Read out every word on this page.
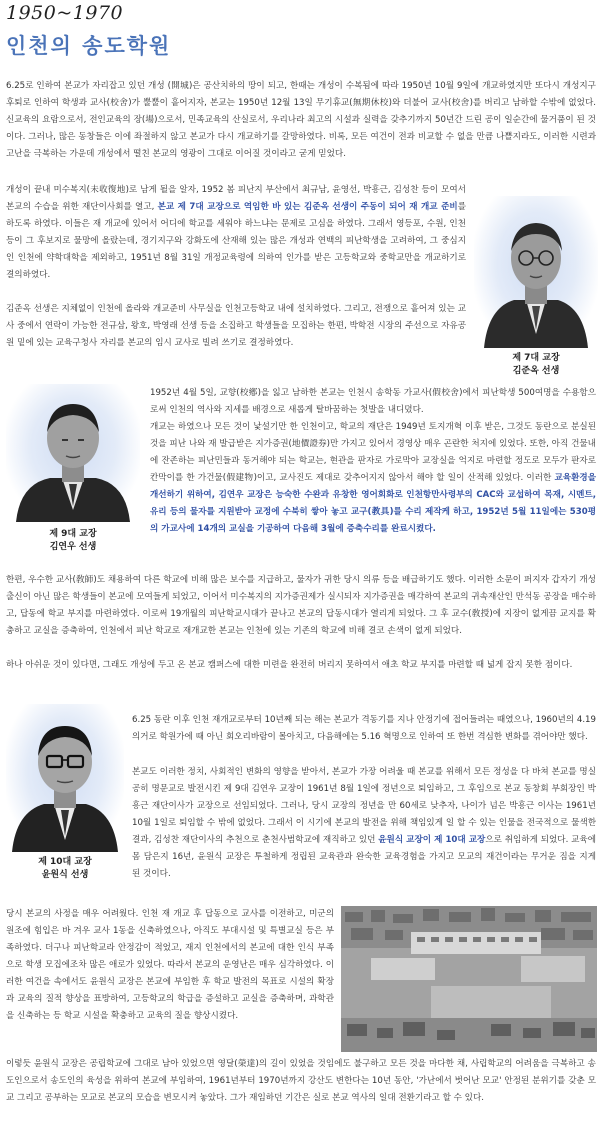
1950~1970
인천의 송도학원

6.25로 인하여 본교가 자리잡고 있던 개성 (開城)은 공산치하의 땅이 되고, 한때는 개성이 수복됨에 따라 1950년 10월 9일에 개교하였지만 또다시 개성지구 후퇴로 인하여 학생과 교사(校舍)가 뿔뿔이 흩어지자, 본교는 1950년 12월 13일 무기휴교(無期休校)와 더불어 교사(校舍)를 버리고 남하할 수밖에 없었다. 신교육의 요람으로서, 전인교육의 장(場)으로서, 민족교육의 산실로서, 우리나라 최고의 시설과 실력을 갖추기까지 50년간 드린 공이 일순간에 물거품이 된 것이다. 그러나, 많은 동창들은 이에 좌절하지 않고 본교가 다시 개교하기를 갈망하였다. 비록, 모든 여건이 전과 비교할 수 없을 만큼 나쁠지라도, 이러한 시련과 고난을 극복하는 가운데 개성에서 떨친 본교의 영광이 그대로 이어질 것이라고 굳게 믿었다.

개성이 끝내 미수복지(未收復地)로 남게 될을 알자, 1952 봄 피난지 부산에서 최규남, 윤영선, 박흥근, 김성찬 등이 모여서 본교의 수습을 위한 재단이사회를 열고, 본교 제 7대 교장으로 역임한 바 있는 김준옥 선생이 주동이 되어 재 개교 준비를 하도록 하였다. 이들은 재 개교에 있어서 어디에 학교를 세워야 하느냐는 문제로 고심을 하였다. 그래서 영등포, 수원, 인천등이 그 후보지로 물망에 올랐는데, 경기지구와 강화도에 산재해 있는 많은 개성과 연백의 피난학생을 고려하여, 그 중심지인 인천에 약학대학을 제외하고, 1951년 8월 31일 개정교육령에 의하여 인가를 받은 고등학교와 중학교만을 개교하기로 결의하였다.

김준옥 선생은 지체없이 인천에 올라와 개교준비 사무실을 인천고등학교 내에 설치하였다. 그리고, 전쟁으로 흩어져 있는 교사 중에서 연락이 가능한 전규삼, 왕호, 박영래 선생 등을 소집하고 학생들을 모집하는 한편, 박학전 시장의 주선으로 자유공원 밑에 있는 교육구청사 자리를 본교의 임시 교사로 빌려 쓰기로 결정하였다.

제 7대 교장
김준옥 선생
제 9대 교장
김연우 선생

1952년 4월 5일, 교향(校鄕)을 잃고 남하한 본교는 인천시 송학동 가교사(假校舍)에서 피난학생 500여명을 수용함으로써 인천의 역사와 지세를 배경으로 새롭게 탈바꿈하는 첫발을 내디뎠다.

개교는 하였으나 모든 것이 낯설기만 한 인천이고, 학교의 재단은 1949년 토지개혁 이후 받은, 그것도 동란으로 분실된 것을 피난 나와 재 발급받은 지가증권(地價證券)만 가지고 있어서 경영상 매우 곤란한 처지에 있었다. 또한, 아직 건물내에 잔존하는 피난민들과 동거해야 되는 학교는, 현관을 판자로 가로막아 교장실을 억지로 마련할 정도로 모두가 판자로 칸막이를 한 가건물(假建物)이고, 교사진도 제대로 갖추어지지 않아서 해야 할 일이 산적해 있었다. 이러한 교육환경을 개선하기 위하여, 김연우 교장은 능숙한 수완과 유창한 영어회화로 인천항만사령부의 CAC와 교섭하여 목재, 시멘트, 유리 등의 물자를 지원받아 교정에 수북히 쌓아 놓고 교구(教具)를 수리 제작케 하고, 1952년 5월 11일에는 530평의 가교사에 14개의 교실을 기공하여 다음해 3월에 증축수리를 완료시켰다.

한편, 우수한 교사(敎師)도 채용하여 다른 학교에 비해 많은 보수를 지급하고, 물자가 귀한 당시 의류 등을 배급하기도 했다. 이러한 소문이 퍼지자 갑자기 개성 출신이 아닌 많은 학생들이 본교에 모여들게 되었고, 이어서 미수복지의 지가증권제가 실시되자 지가증권을 매각하여 본교의 귀속재산인 만석동 공장을 매수하고, 답동에 학교 부지를 마련하였다. 이로써 19개월의 피난학교시대가 끝나고 본교의 답동시대가 열리게 되었다. 그 후 교수(敎授)에 지장이 없게끔 교지를 확충하고 교실을 증축하여, 인천에서 피난 학교로 재개교한 본교는 인천에 있는 기존의 학교에 비해 결코 손색이 없게 되었다.

하나 아쉬운 것이 있다면, 그래도 개성에 두고 온 본교 캠퍼스에 대한 미련을 완전히 버리지 못하여서 애초 학교 부지를 마련할 때 넓게 잡지 못한 점이다.

제 10대 교장
윤원식 선생

6.25 동란 이후 인천 재개교로부터 10년째 되는 해는 본교가 격동기를 지나 안정기에 접어들려는 때였으나, 1960년의 4.19의거로 학원가에 때 아닌 회오리바람이 몰아치고, 다음해에는 5.16 혁명으로 인하여 또 한번 격심한 변화를 겪어야만 했다.

본교도 이러한 정치, 사회적인 변화의 영향을 받아서, 본교가 가장 어려울 때 본교를 위해서 모든 정성을 다 바쳐 본교를 명실공히 명문교로 발전시킨 제 9대 김연우 교장이 1961년 8월 1일에 정년으로 퇴임하고, 그 후임으로 본교 동창회 부회장인 박흥근 재단이사가 교장으로 선임되었다. 그러나, 당시 교장의 정년을 만 60세로 낮추자, 나이가 넘은 박흥근 이사는 1961년 10월 1일로 퇴임할 수 밖에 없었다. 그래서 이 시기에 본교의 발전을 위해 책임있게 일 할 수 있는 인물을 전국적으로 물색한 결과, 김성찬 재단이사의 추천으로 춘천사범학교에 재직하고 있던 윤원식 교장이 제 10대 교장으로 취임하게 되었다. 교육에 몸 담은지 16년, 윤원식 교장은 투철하게 정립된 교육관과 완숙한 교육경험을 가지고 모교의 재건이라는 무거운 짐을 지게 된 것이다.

당시 본교의 사정을 매우 어려웠다. 인천 재 개교 후 답동으로 교사를 이전하고, 미군의 원조에 힘입은 바 겨우 교사 1동을 신축하였으나, 아직도 부대시설 및 특별교실 등은 부족하였다. 더구나 피난학교라 안정감이 적었고, 재지 인천에서의 본교에 대한 인식 부족으로 학생 모집에조차 많은 애로가 있었다. 따라서 본교의 운영난은 매우 심각하였다. 이러한 여건을 속에서도 윤원식 교장은 본교에 부임한 후 학교 발전의 목표로 시설의 확장과 교육의 질적 향상을 표방하여, 고등학교의 학급을 증설하고 교실을 증축하며, 과학관을 신축하는 등 학교 시설을 확충하고 교육의 질을 향상시켰다.

이렇듯 윤원식 교장은 공립학교에 그대로 남아 있었으면 영달(榮達)의 길이 있었을 것임에도 불구하고 모든 것을 마다한 채, 사립학교의 어려움을 극복하고 송도인으로서 송도인의 육성을 위하여 본교에 부임하여, 1961년부터 1970년까지 강산도 변한다는 10년 동안, '가난에서 벗어난 모교' 안정된 분위기를 갖춘 모교 그리고 공부하는 모교로 본교의 모습을 변모시켜 놓았다. 그가 재임하던 기간은 실로 본교 역사의 일대 전환기라고 할 수 있다.
